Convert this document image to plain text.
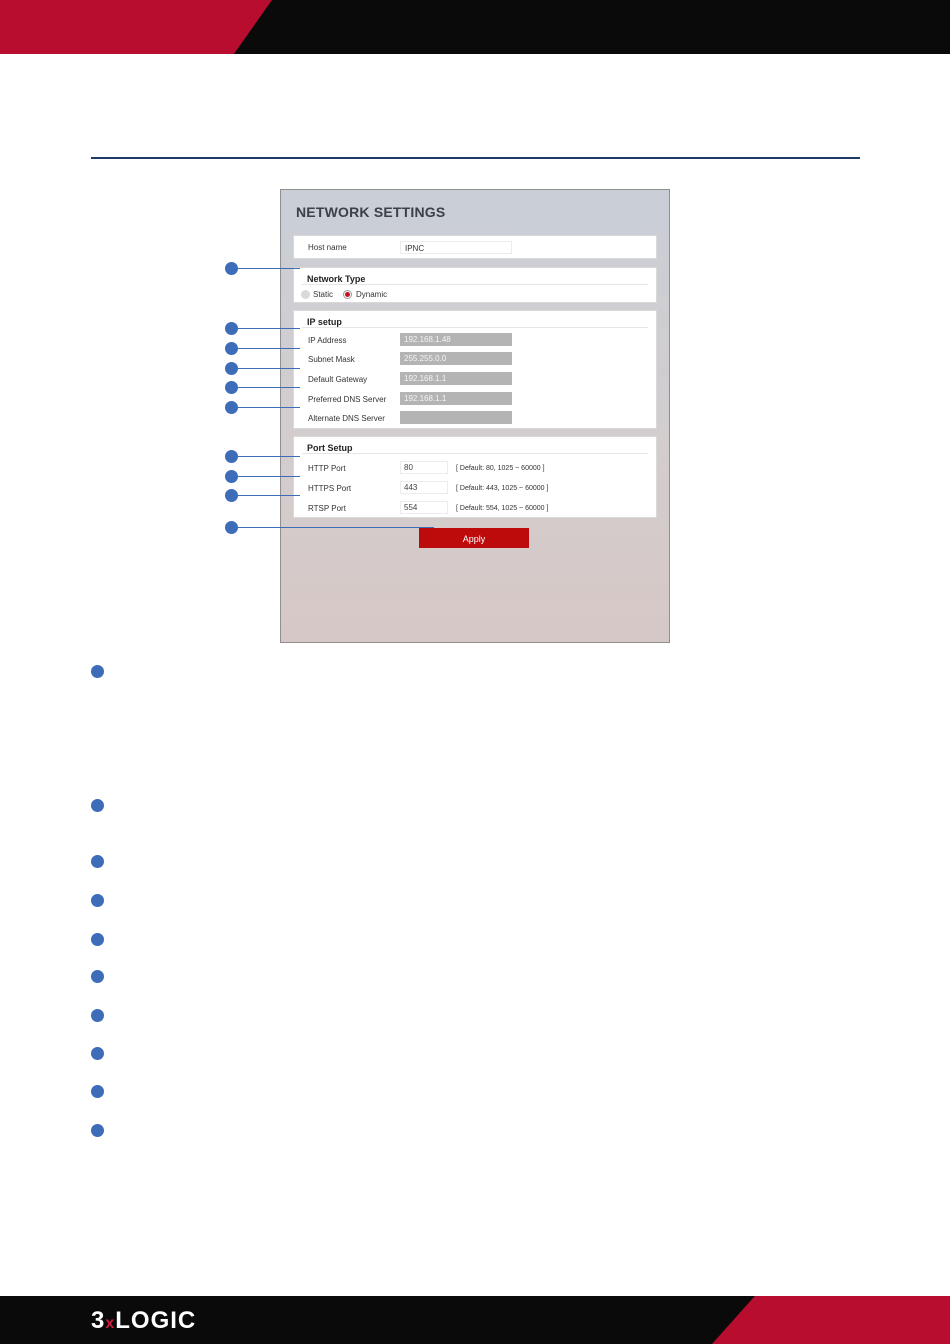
NETWORK SETTINGS
Host name	IPNC
Network Type
Static	Dynamic
IP setup
IP Address	192.168.1.48
Subnet Mask	255.255.0.0
Default Gateway	192.168.1.1
Preferred DNS Server	192.168.1.1
Alternate DNS Server
Port Setup
HTTP Port	80	[ Default: 80, 1025 ~ 60000 ]
HTTPS Port	443	[ Default: 443, 1025 ~ 60000 ]
RTSP Port	554	[ Default: 554, 1025 ~ 60000 ]
Apply
3xLOGIC
